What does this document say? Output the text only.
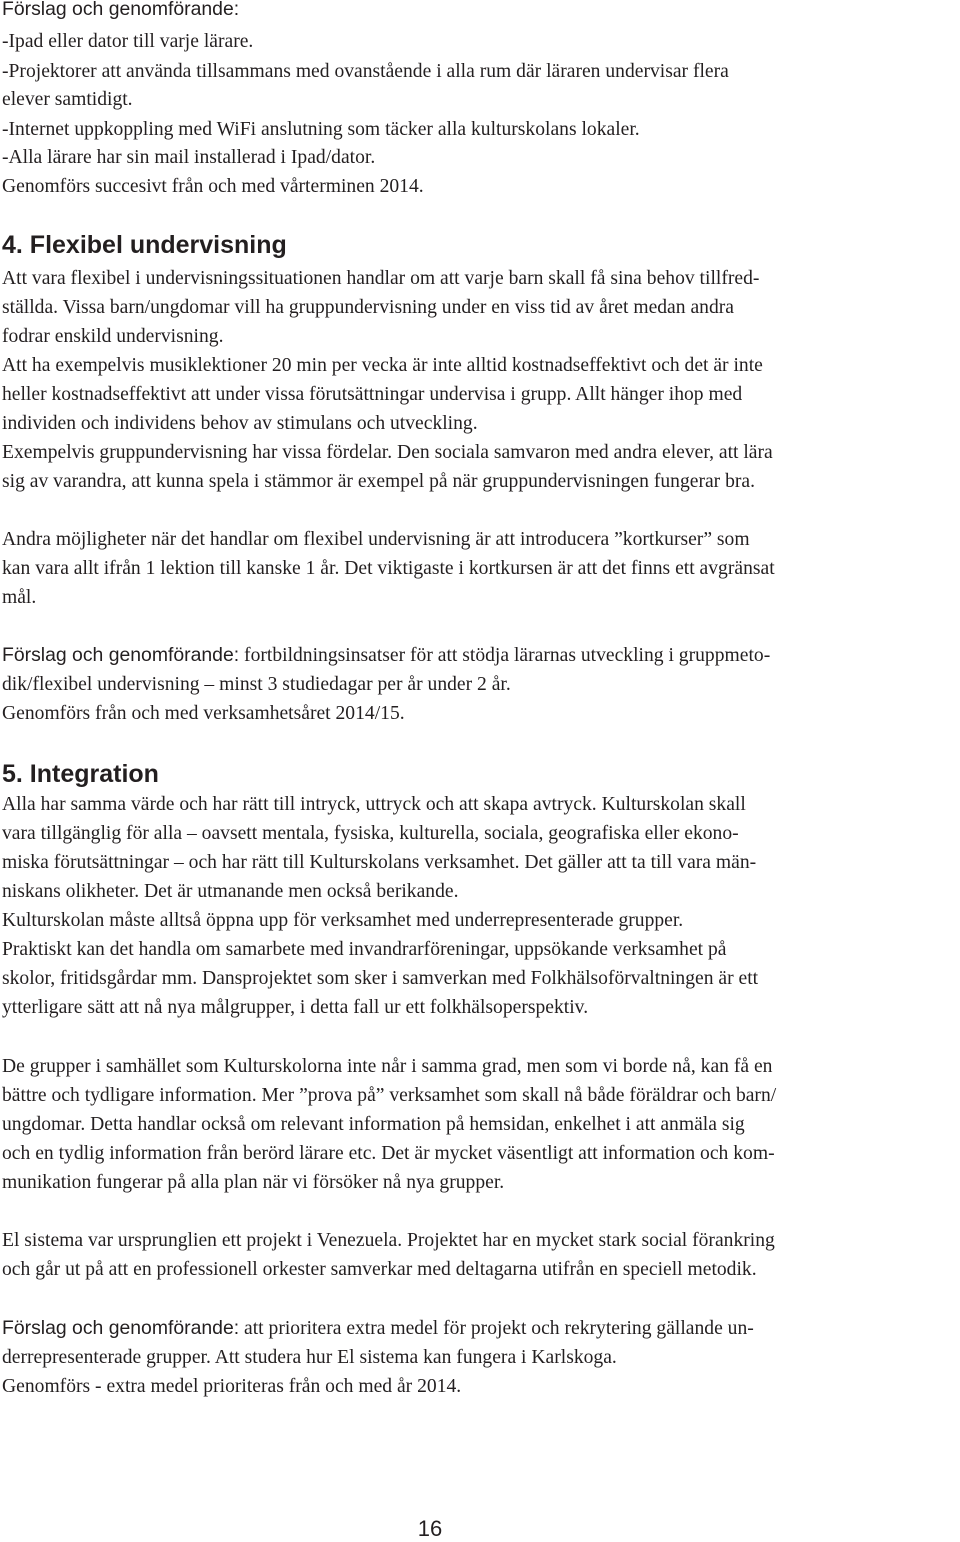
Förslag och genomförande:
-Ipad eller dator till varje lärare.
-Projektorer att använda tillsammans med ovanstående i alla rum där läraren undervisar flera
elever samtidigt.
-Internet uppkoppling med WiFi anslutning som täcker alla kulturskolans lokaler.
-Alla lärare har sin mail installerad i Ipad/dator.
Genomförs succesivt från och med vårterminen 2014.
4. Flexibel undervisning
Att vara flexibel i undervisningssituationen handlar om att varje barn skall få sina behov tillfred-
ställda. Vissa barn/ungdomar vill ha gruppundervisning under en viss tid av året medan andra
fodrar enskild undervisning.
Att ha exempelvis musiklektioner 20 min per vecka är inte alltid kostnadseffektivt och det är inte
heller kostnadseffektivt att under vissa förutsättningar undervisa i grupp. Allt hänger ihop med
individen och individens behov av stimulans och utveckling.
Exempelvis gruppundervisning har vissa fördelar. Den sociala samvaron med andra elever, att lära
sig av varandra, att kunna spela i stämmor är exempel på när gruppundervisningen fungerar bra.
Andra möjligheter när det handlar om flexibel undervisning är att introducera ”kortkurser” som
kan vara allt ifrån 1 lektion till kanske 1 år. Det viktigaste i kortkursen är att det finns ett avgränsat
mål.
Förslag och genomförande: fortbildningsinsatser för att stödja lärarnas utveckling i gruppmeto-
dik/flexibel undervisning – minst 3 studiedagar per år under 2 år.
Genomförs från och med verksamhetsåret 2014/15.
5. Integration
Alla har samma värde och har rätt till intryck, uttryck och att skapa avtryck. Kulturskolan skall
vara tillgänglig för alla – oavsett mentala, fysiska, kulturella, sociala, geografiska eller ekono-
miska förutsättningar – och har rätt till Kulturskolans verksamhet. Det gäller att ta till vara män-
niskans olikheter. Det är utmanande men också berikande.
Kulturskolan måste alltså öppna upp för verksamhet med underrepresenterade grupper.
Praktiskt kan det handla om samarbete med invandrarföreningar, uppsökande verksamhet på
skolor, fritidsgårdar mm. Dansprojektet som sker i samverkan med Folkhälsoförvaltningen är ett
ytterligare sätt att nå nya målgrupper, i detta fall ur ett folkhälsoperspektiv.
De grupper i samhället som Kulturskolorna inte når i samma grad, men som vi borde nå, kan få en
bättre och tydligare information. Mer ”prova på” verksamhet som skall nå både föräldrar och barn/
ungdomar. Detta handlar också om relevant information på hemsidan, enkelhet i att anmäla sig
och en tydlig information från berörd lärare etc. Det är mycket väsentligt att information och kom-
munikation fungerar på alla plan när vi försöker nå nya grupper.
El sistema var ursprunglien ett projekt i Venezuela. Projektet har en mycket stark social förankring
och går ut på att en professionell orkester samverkar med deltagarna utifrån en speciell metodik.
Förslag och genomförande: att prioritera extra medel för projekt och rekrytering gällande un-
derrepresenterade grupper. Att studera hur El sistema kan fungera i Karlskoga.
Genomförs - extra medel prioriteras från och med år 2014.
16
